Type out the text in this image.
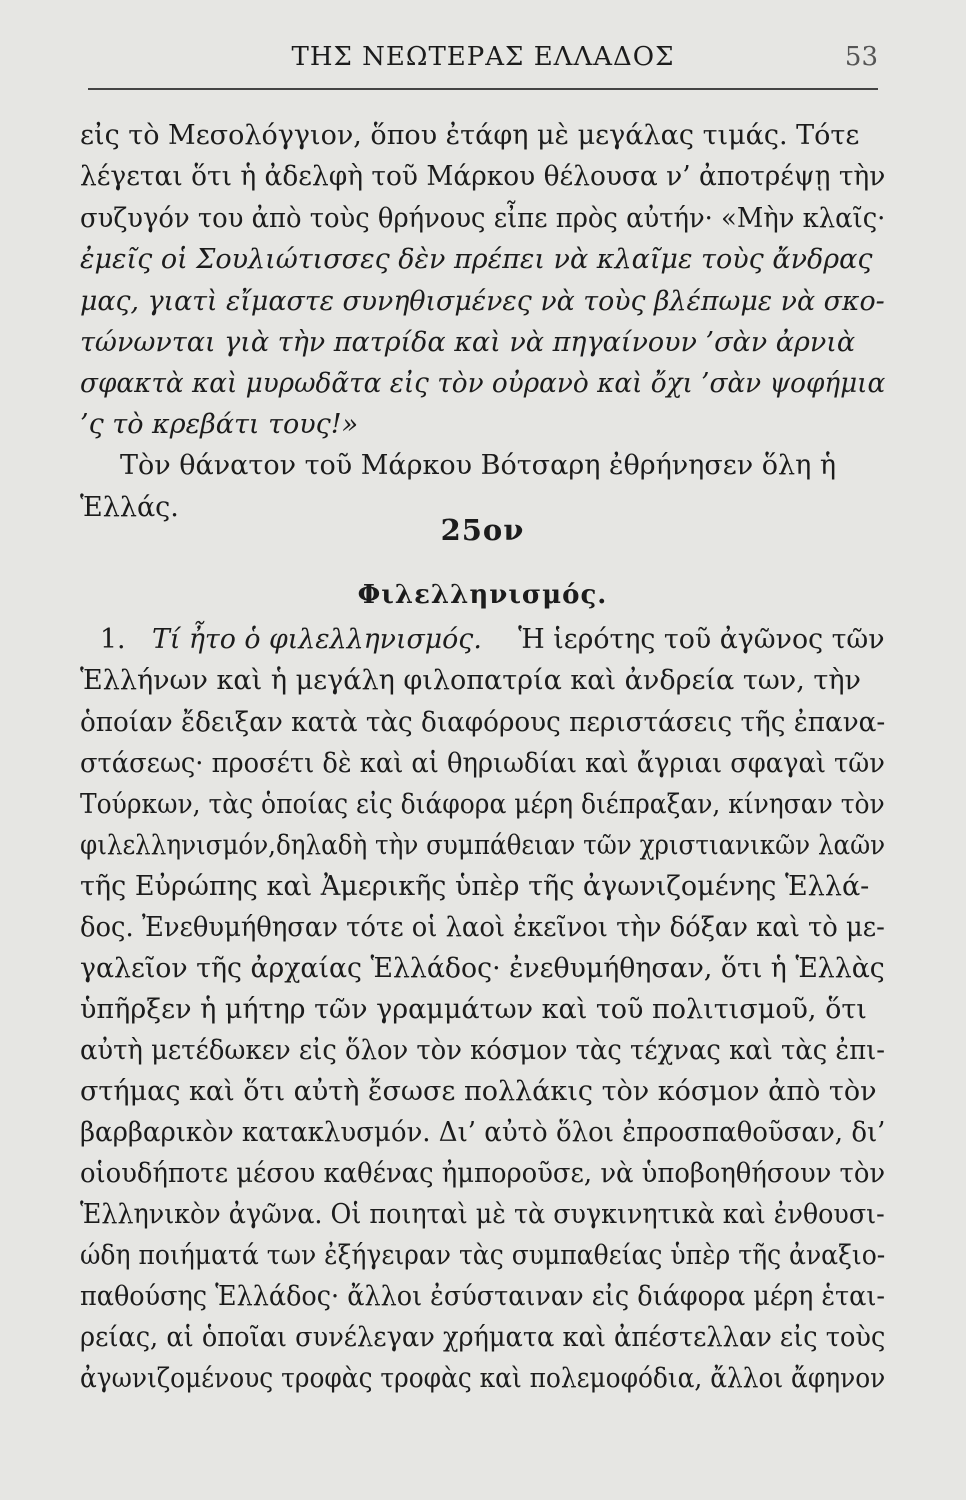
ΤΗΣ ΝΕΩΤΕΡΑΣ ΕΛΛΑΔΟΣ	53
εἰς τὸ Μεσολόγγιον, ὅπου ἐτάφη μὲ μεγάλας τιμάς. Τότε
λέγεται ὅτι ἡ ἀδελφὴ τοῦ Μάρκου θέλουσα ν’ ἀποτρέψῃ τὴν
συζυγόν του ἀπὸ τοὺς θρήνους εἶπε πρὸς αὐτήν· «Μὴν κλαῖς·
ἐμεῖς οἱ Σουλιώτισσες δὲν πρέπει νὰ κλαῖμε τοὺς ἄνδρας
μας, γιατὶ εἴμαστε συνηθισμένες νὰ τοὺς βλέπωμε νὰ σκο-
τώνωνται γιὰ τὴν πατρίδα καὶ νὰ πηγαίνουν ’σὰν ἀρνιὰ
σφακτὰ καὶ μυρωδᾶτα εἰς τὸν οὐρανὸ καὶ ὄχι ’σὰν ψοφήμια
’ς τὸ κρεβάτι τους!»
Τὸν θάνατον τοῦ Μάρκου Βότσαρη ἐθρήνησεν ὅλη ἡ
Ἑλλάς.
25ον
Φιλελληνισμός.
1. Τί ἦτο ὁ φιλελληνισμός. Ἡ ἱερότης τοῦ ἀγῶνος τῶν
Ἑλλήνων καὶ ἡ μεγάλη φιλοπατρία καὶ ἀνδρεία των, τὴν
ὁποίαν ἔδειξαν κατὰ τὰς διαφόρους περιστάσεις τῆς ἐπανα-
στάσεως· προσέτι δὲ καὶ αἱ θηριωδίαι καὶ ἄγριαι σφαγαὶ τῶν
Τούρκων, τὰς ὁποίας εἰς διάφορα μέρη διέπραξαν, κίνησαν τὸν
φιλελληνισμόν,δηλαδὴ τὴν συμπάθειαν τῶν χριστιανικῶν λαῶν
τῆς Εὐρώπης καὶ Ἀμερικῆς ὑπὲρ τῆς ἀγωνιζομένης Ἑλλά-
δος. Ἐνεθυμήθησαν τότε οἱ λαοὶ ἐκεῖνοι τὴν δόξαν καὶ τὸ με-
γαλεῖον τῆς ἀρχαίας Ἑλλάδος· ἐνεθυμήθησαν, ὅτι ἡ Ἑλλὰς
ὑπῆρξεν ἡ μήτηρ τῶν γραμμάτων καὶ τοῦ πολιτισμοῦ, ὅτι
αὐτὴ μετέδωκεν εἰς ὅλον τὸν κόσμον τὰς τέχνας καὶ τὰς ἐπι-
στήμας καὶ ὅτι αὐτὴ ἔσωσε πολλάκις τὸν κόσμον ἀπὸ τὸν
βαρβαρικὸν κατακλυσμόν. Δι’ αὐτὸ ὅλοι ἐπροσπαθοῦσαν, δι’
οἱουδήποτε μέσου καθένας ἠμποροῦσε, νὰ ὑποβοηθήσουν τὸν
Ἑλληνικὸν ἀγῶνα. Οἱ ποιηταὶ μὲ τὰ συγκινητικὰ καὶ ἐνθουσι-
ώδη ποιήματά των ἐξήγειραν τὰς συμπαθείας ὑπὲρ τῆς ἀναξιο-
παθούσης Ἑλλάδος· ἄλλοι ἐσύσταιναν εἰς διάφορα μέρη ἑται-
ρείας, αἱ ὁποῖαι συνέλεγαν χρήματα καὶ ἀπέστελλαν εἰς τοὺς
ἀγωνιζομένους τροφὰς τροφὰς καὶ πολεμοφόδια, ἄλλοι ἄφηνον
